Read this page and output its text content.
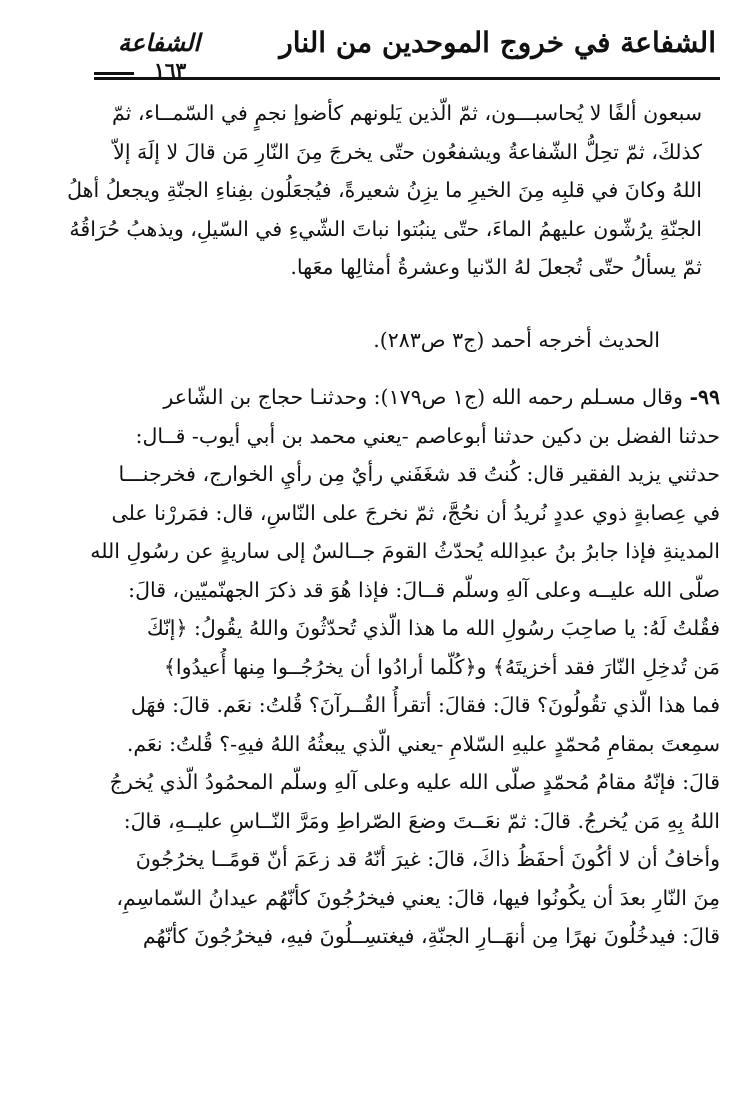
الشفاعة في خروج الموحدين من النار
الشفاعة
١٦٣
سبعون ألفًا لا يُحاسبـــون، ثمّ الّذين يَلونهم كأضوإ نجمٍ في السّمــاء، ثمّ
كذلكَ، ثمّ تحِلُّ الشّفاعةُ ويشفعُون حتّى يخرجَ مِنَ النّارِ مَن قالَ لا إلَهَ إلاّ
اللهُ وكانَ في قلبِه مِنَ الخيرِ ما يزِنُ شعيرةً، فيُجعَلُون بفِناءِ الجنّةِ ويجعلُ أهلُ
الجنّةِ يرُشّون عليهمُ الماءَ، حتّى ينبُتوا نباتَ الشّيءِ في السّيلِ، ويذهبُ حُرَاقُهُ
ثمّ يسألُ حتّى تُجعلَ لهُ الدّنيا وعشرةُ أمثالِها معَها.
الحديث أخرجه أحمد (ج٣ ص٢٨٣).
٩٩- وقال مسـلم رحمه الله (ج١ ص١٧٩): وحدثنـا حجاج بن الشّاعر
حدثنا الفضل بن دكين حدثنا أبوعاصم -يعني محمد بن أبي أيوب- قــال:
حدثني يزيد الفقير قال: كُنتُ قد شغَفَني رأيٌ مِن رأيِ الخوارج، فخرجنـــا
في عِصابةٍ ذوي عددٍ نُريدُ أن نحُجَّ، ثمّ نخرجَ على النّاسِ، قال: فمَررْنا على
المدينةِ فإذا جابرُ بنُ عبدِالله يُحدّثُ القومَ جــالسٌ إلى ساريةٍ عن رسُولِ الله
صلّى الله عليــه وعلى آلهِ وسلّم قــالَ: فإذا هُوَ قد ذكرَ الجهنّميّين، قالَ:
فقُلتُ لَهُ: يا صاحِبَ رسُولِ الله ما هذا الّذي تُحدّثُونَ واللهُ يقُولُ: ﴿إنّكَ
مَن تُدخِلِ النّارَ فقد أخزيتَهُ﴾ و﴿كُلّما أرادُوا أن يخرُجُــوا مِنها أُعيدُوا﴾
فما هذا الّذي تقُولُونَ؟ قالَ: فقالَ: أتقرأُ القُــرآنَ؟ قُلتُ: نعَم. قالَ: فهَل
سمِعتَ بمقامِ مُحمّدٍ عليهِ السّلامِ -يعني الّذي يبعثُهُ اللهُ فيهِ-؟ قُلتُ: نعَم.
قالَ: فإنّهُ مقامُ مُحمّدٍ صلّى الله عليه وعلى آلهِ وسلّم المحمُودُ الّذي يُخرجُ
اللهُ بِهِ مَن يُخرجُ. قالَ: ثمّ نعَــتَ وضعَ الصّراطِ ومَرَّ النّــاسِ عليــهِ، قالَ:
وأخافُ أن لا أكُونَ أحفَظُ ذاكَ، قالَ: غيرَ أنّهُ قد زعَمَ أنّ قومًــا يخرُجُونَ
مِنَ النّارِ بعدَ أن يكُونُوا فيها، قالَ: يعني فيخرُجُونَ كأنّهُم عيدانُ السّماسِمِ،
قالَ: فيدخُلُونَ نهرًا مِن أنهَــارِ الجنّةِ، فيغتسِــلُونَ فيهِ، فيخرُجُونَ كأنّهُم
